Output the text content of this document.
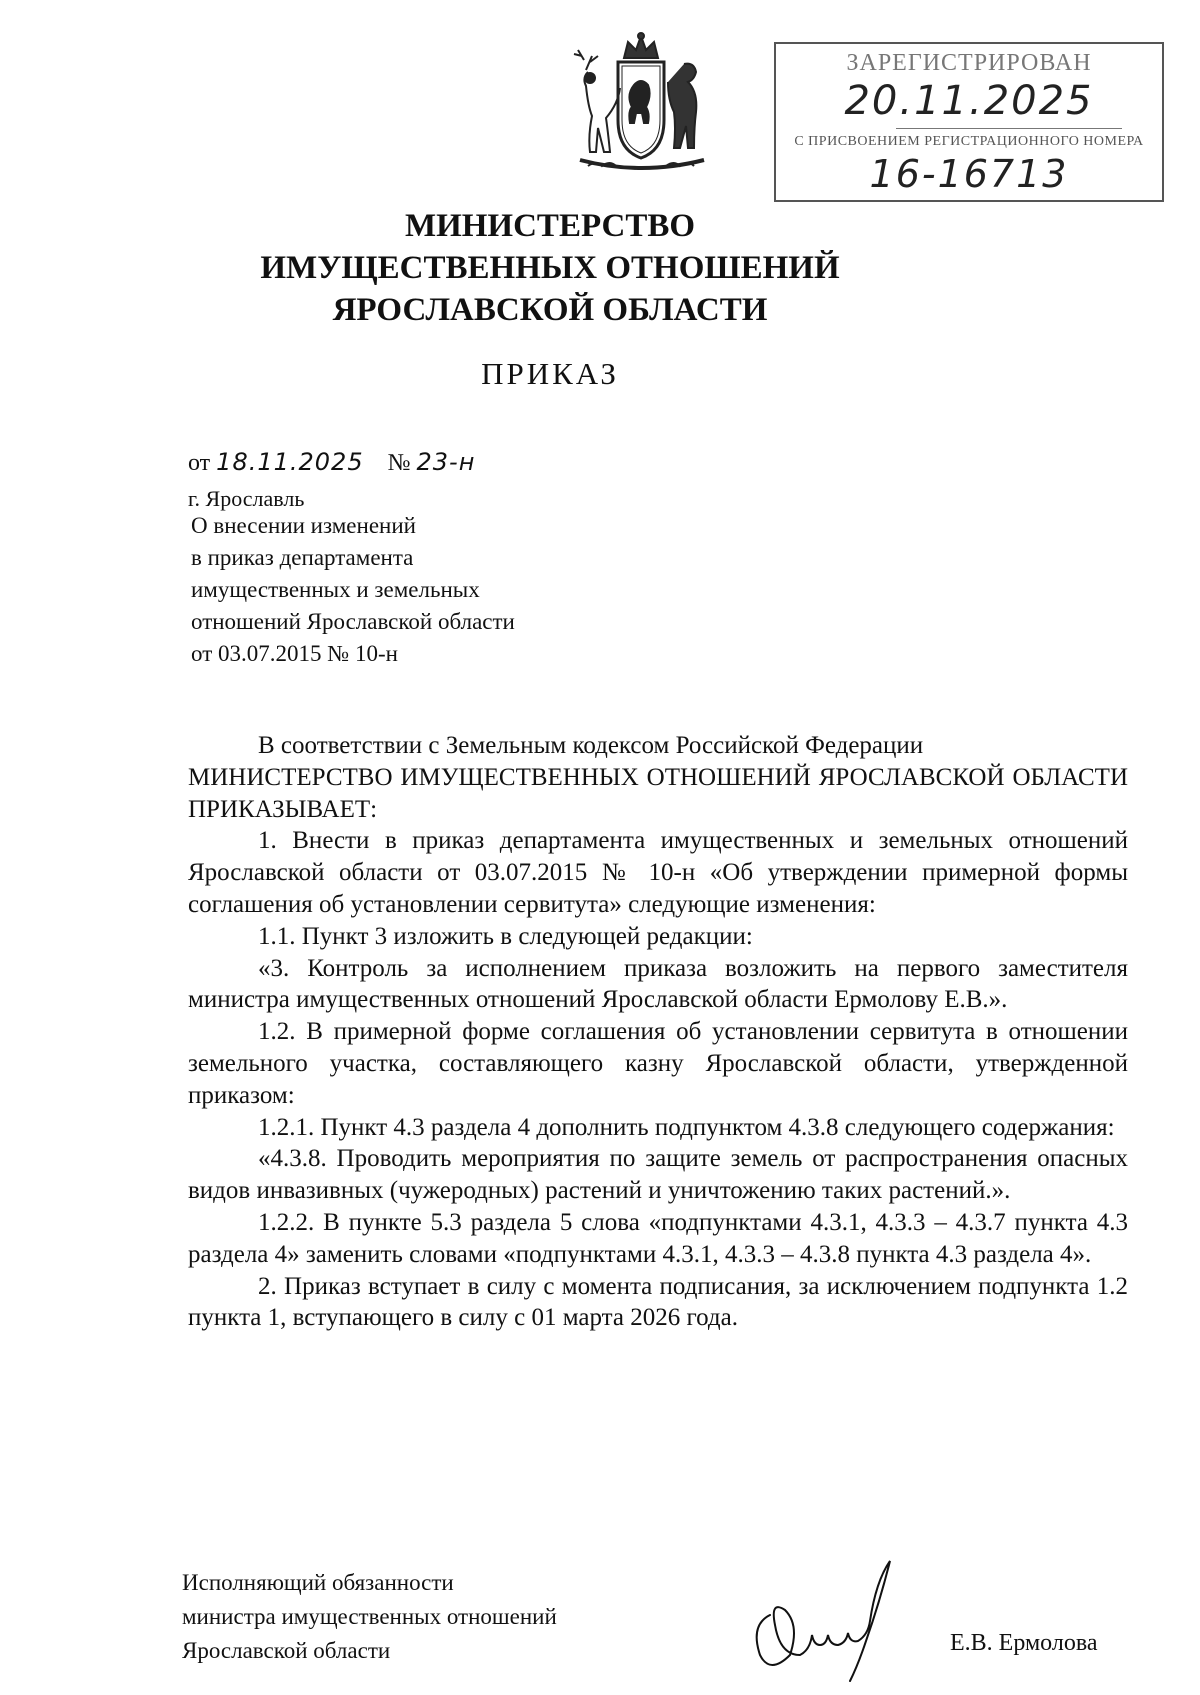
ЗАРЕГИСТРИРОВАН
20.11.2025
С ПРИСВОЕНИЕМ РЕГИСТРАЦИОННОГО НОМЕРА
16-16713
МИНИСТЕРСТВО
ИМУЩЕСТВЕННЫХ ОТНОШЕНИЙ
ЯРОСЛАВСКОЙ ОБЛАСТИ
ПРИКАЗ
от 18.11.2025 № 23-н
г. Ярославль
О внесении изменений
в приказ департамента
имущественных и земельных
отношений Ярославской области
от 03.07.2015 № 10-н

В соответствии с Земельным кодексом Российской Федерации

МИНИСТЕРСТВО ИМУЩЕСТВЕННЫХ ОТНОШЕНИЙ ЯРОСЛАВСКОЙ ОБЛАСТИ ПРИКАЗЫВАЕТ:

1. Внести в приказ департамента имущественных и земельных отношений Ярославской области от 03.07.2015 № 10-н «Об утверждении примерной формы соглашения об установлении сервитута» следующие изменения:

1.1. Пункт 3 изложить в следующей редакции:

«3. Контроль за исполнением приказа возложить на первого заместителя министра имущественных отношений Ярославской области Ермолову Е.В.».

1.2. В примерной форме соглашения об установлении сервитута в отношении земельного участка, составляющего казну Ярославской области, утвержденной приказом:

1.2.1. Пункт 4.3 раздела 4 дополнить подпунктом 4.3.8 следующего содержания:

«4.3.8. Проводить мероприятия по защите земель от распространения опасных видов инвазивных (чужеродных) растений и уничтожению таких растений.».

1.2.2. В пункте 5.3 раздела 5 слова «подпунктами 4.3.1, 4.3.3 – 4.3.7 пункта 4.3 раздела 4» заменить словами «подпунктами 4.3.1, 4.3.3 – 4.3.8 пункта 4.3 раздела 4».

2. Приказ вступает в силу с момента подписания, за исключением подпункта 1.2 пункта 1, вступающего в силу с 01 марта 2026 года.

Исполняющий обязанности
министра имущественных отношений
Ярославской области	Е.В. Ермолова
